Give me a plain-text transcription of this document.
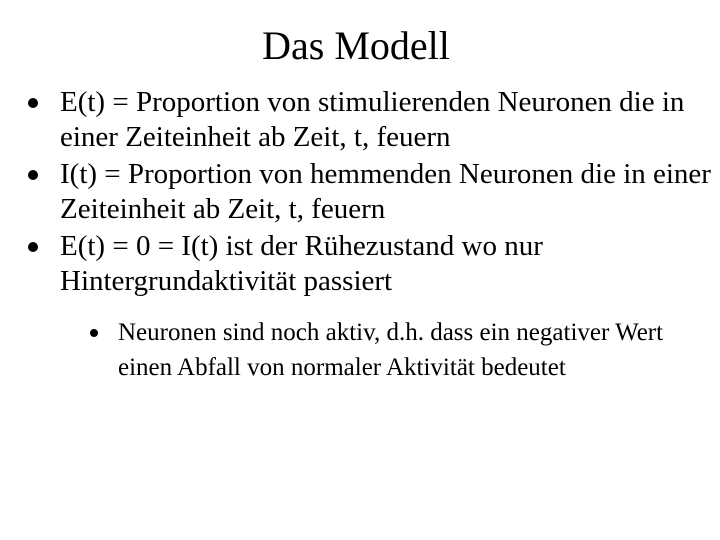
Das Modell
E(t) = Proportion von stimulierenden Neuronen die in einer Zeiteinheit ab Zeit, t, feuern
I(t) = Proportion von hemmenden Neuronen die in einer Zeiteinheit ab Zeit, t, feuern
E(t) = 0 = I(t) ist der Rühezustand wo nur Hintergrundaktivität passiert
Neuronen sind noch aktiv, d.h. dass ein negativer Wert einen Abfall von normaler Aktivität bedeutet
